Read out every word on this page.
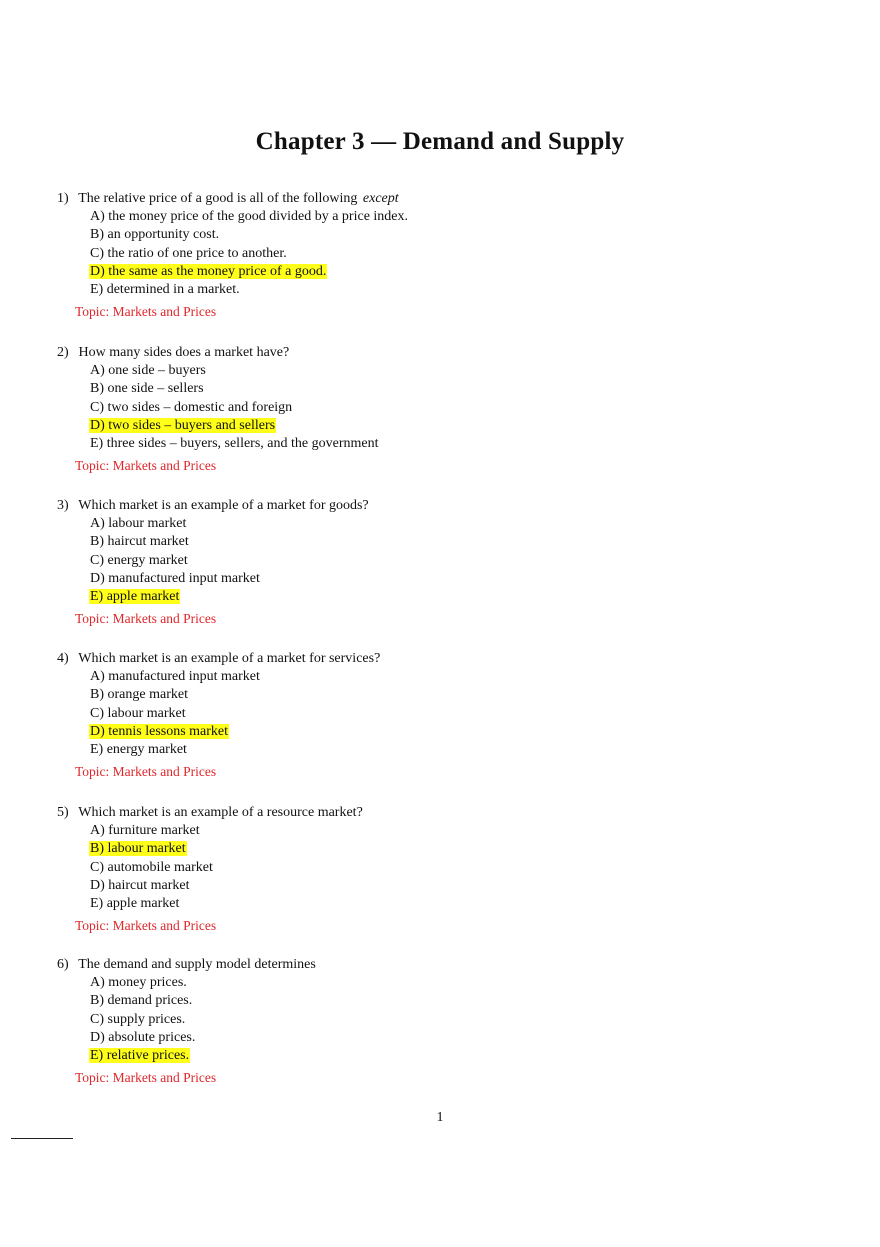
Chapter 3 — Demand and Supply
1) The relative price of a good is all of the following except
A) the money price of the good divided by a price index.
B) an opportunity cost.
C) the ratio of one price to another.
D) the same as the money price of a good.
E) determined in a market.
Topic: Markets and Prices
2) How many sides does a market have?
A) one side – buyers
B) one side – sellers
C) two sides – domestic and foreign
D) two sides – buyers and sellers
E) three sides – buyers, sellers, and the government
Topic: Markets and Prices
3) Which market is an example of a market for goods?
A) labour market
B) haircut market
C) energy market
D) manufactured input market
E) apple market
Topic: Markets and Prices
4) Which market is an example of a market for services?
A) manufactured input market
B) orange market
C) labour market
D) tennis lessons market
E) energy market
Topic: Markets and Prices
5) Which market is an example of a resource market?
A) furniture market
B) labour market
C) automobile market
D) haircut market
E) apple market
Topic: Markets and Prices
6) The demand and supply model determines
A) money prices.
B) demand prices.
C) supply prices.
D) absolute prices.
E) relative prices.
Topic: Markets and Prices
1
